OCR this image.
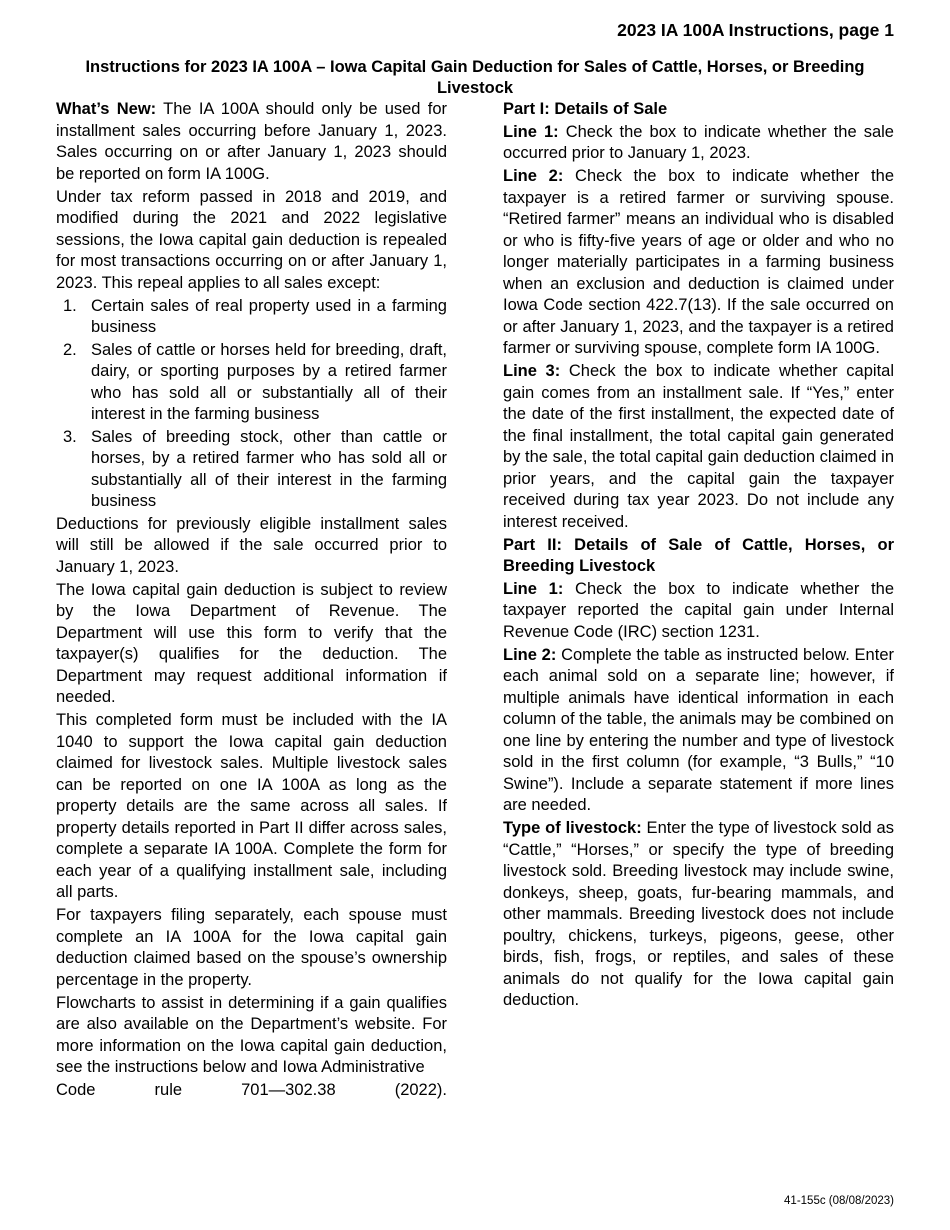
2023 IA 100A Instructions, page 1
Instructions for 2023 IA 100A – Iowa Capital Gain Deduction for Sales of Cattle, Horses, or Breeding Livestock

What’s New: The IA 100A should only be used for installment sales occurring before January 1, 2023. Sales occurring on or after January 1, 2023 should be reported on form IA 100G.

Under tax reform passed in 2018 and 2019, and modified during the 2021 and 2022 legislative sessions, the Iowa capital gain deduction is repealed for most transactions occurring on or after January 1, 2023. This repeal applies to all sales except:

1. Certain sales of real property used in a farming business
2. Sales of cattle or horses held for breeding, draft, dairy, or sporting purposes by a retired farmer who has sold all or substantially all of their interest in the farming business
3. Sales of breeding stock, other than cattle or horses, by a retired farmer who has sold all or substantially all of their interest in the farming business

Deductions for previously eligible installment sales will still be allowed if the sale occurred prior to January 1, 2023.

The Iowa capital gain deduction is subject to review by the Iowa Department of Revenue. The Department will use this form to verify that the taxpayer(s) qualifies for the deduction. The Department may request additional information if needed.

This completed form must be included with the IA 1040 to support the Iowa capital gain deduction claimed for livestock sales. Multiple livestock sales can be reported on one IA 100A as long as the property details are the same across all sales. If property details reported in Part II differ across sales, complete a separate IA 100A. Complete the form for each year of a qualifying installment sale, including all parts.

For taxpayers filing separately, each spouse must complete an IA 100A for the Iowa capital gain deduction claimed based on the spouse’s ownership percentage in the property.

Flowcharts to assist in determining if a gain qualifies are also available on the Department’s website. For more information on the Iowa capital gain deduction, see the instructions below and Iowa Administrative

Code rule 701—302.38 (2022).

Part I: Details of Sale

Line 1: Check the box to indicate whether the sale occurred prior to January 1, 2023.

Line 2: Check the box to indicate whether the taxpayer is a retired farmer or surviving spouse. “Retired farmer” means an individual who is disabled or who is fifty-five years of age or older and who no longer materially participates in a farming business when an exclusion and deduction is claimed under Iowa Code section 422.7(13). If the sale occurred on or after January 1, 2023, and the taxpayer is a retired farmer or surviving spouse, complete form IA 100G.

Line 3: Check the box to indicate whether capital gain comes from an installment sale. If “Yes,” enter the date of the first installment, the expected date of the final installment, the total capital gain generated by the sale, the total capital gain deduction claimed in prior years, and the capital gain the taxpayer received during tax year 2023. Do not include any interest received.

Part II: Details of Sale of Cattle, Horses, or Breeding Livestock

Line 1: Check the box to indicate whether the taxpayer reported the capital gain under Internal Revenue Code (IRC) section 1231.

Line 2: Complete the table as instructed below. Enter each animal sold on a separate line; however, if multiple animals have identical information in each column of the table, the animals may be combined on one line by entering the number and type of livestock sold in the first column (for example, “3 Bulls,” “10 Swine”). Include a separate statement if more lines are needed.

Type of livestock: Enter the type of livestock sold as “Cattle,” “Horses,” or specify the type of breeding livestock sold. Breeding livestock may include swine, donkeys, sheep, goats, fur-bearing mammals, and other mammals. Breeding livestock does not include poultry, chickens, turkeys, pigeons, geese, other birds, fish, frogs, or reptiles, and sales of these animals do not qualify for the Iowa capital gain deduction.

41-155c (08/08/2023)
